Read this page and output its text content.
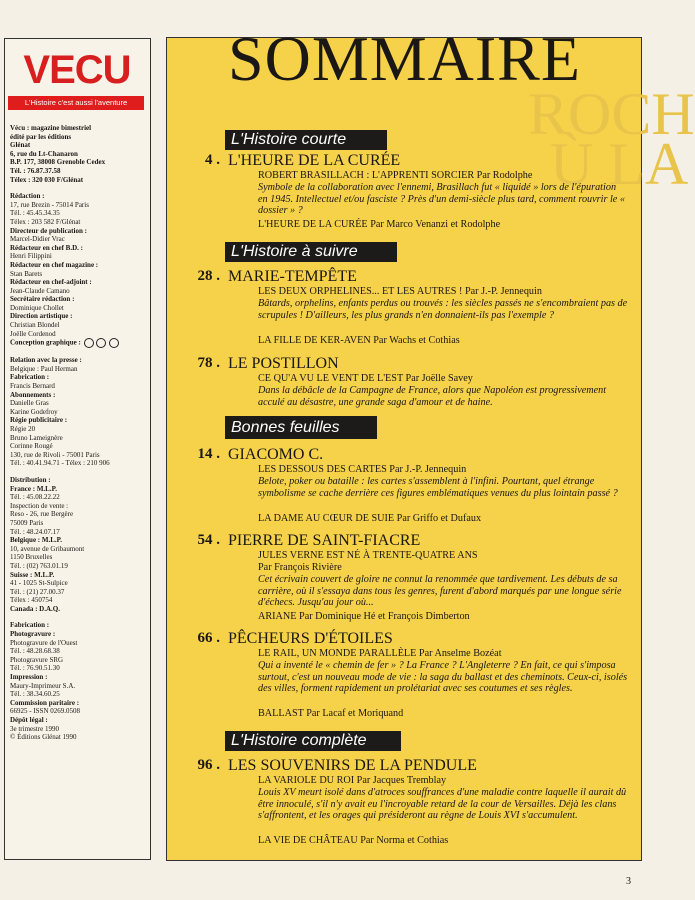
VECU
L'Histoire c'est aussi l'aventure
Vécu : magazine bimestriel
édité par les éditions
Glénat
6, rue du Lt-Chanaron
B.P. 177, 38008 Grenoble Cedex
Tél. : 76.87.37.58
Télex : 320 030 F/Glénat
Rédaction :
17, rue Brezin - 75014 Paris
Tél. : 45.45.34.35
Télex : 203 582 F/Glénat
Directeur de publication :
Marcel-Didier Vrac
Rédacteur en chef B.D. :
Henri Filippini
Rédacteur en chef magazine :
Stan Barets
Rédacteur en chef-adjoint :
Jean-Claude Camano
Secrétaire rédaction :
Dominique Chollet
Direction artistique :
Christian Blondel
Joëlle Cordenod
Conception graphique :
Relation avec la presse :
Belgique : Paul Herman
Fabrication :
Francis Bernard
Abonnements :
Danielle Gras
Karine Godefroy
Régie publicitaire :
Régie 20
Bruno Lameignère
Corinne Rougé
130, rue de Rivoli - 75001 Paris
Tél. : 40.41.94.71 - Télex : 210 906
Distribution :
France : M.L.P.
Tél. : 45.08.22.22
Inspection de vente :
Reso - 26, rue Bergère
75009 Paris
Tél. : 48.24.07.17
Belgique : M.L.P.
10, avenue de Gribaumont
1150 Bruxelles
Tél. : (02) 763.01.19
Suisse : M.L.P.
41 - 1025 St-Sulpice
Tél. : (21) 27.00.37
Télex : 450754
Canada : D.A.Q.
Fabrication :
Photogravure :
Photogravure de l'Ouest
Tél. : 48.28.68.38
Photogravure SRG
Tél. : 76.90.51.30
Impression :
Maury-Imprimeur S.A.
Tél. : 38.34.60.25
Commission paritaire :
66925 - ISSN 0269.0508
Dépôt légal :
3e trimestre 1990
© Éditions Glénat 1990
ROCH
Ù LA
SOMMAIRE
L'Histoire courte
L'Histoire à suivre
Bonnes feuilles
L'Histoire complète
4 . L'HEURE DE LA CURÉE
ROBERT BRASILLACH : L'APPRENTI SORCIER Par Rodolphe
Symbole de la collaboration avec l'ennemi, Brasillach fut « liquidé » lors de l'épuration en 1945. Intellectuel et/ou fasciste ? Près d'un demi-siècle plus tard, comment rouvrir le « dossier » ?
L'HEURE DE LA CURÉE Par Marco Venanzi et Rodolphe
28 . MARIE-TEMPÊTE
LES DEUX ORPHELINES... ET LES AUTRES ! Par J.-P. Jennequin
Bâtards, orphelins, enfants perdus ou trouvés : les siècles passés ne s'encombraient pas de scrupules ! D'ailleurs, les plus grands n'en donnaient-ils pas l'exemple ?
LA FILLE DE KER-AVEN Par Wachs et Cothias
78 . LE POSTILLON
CE QU'A VU LE VENT DE L'EST Par Joëlle Savey
Dans la débâcle de la Campagne de France, alors que Napoléon est progressivement acculé au désastre, une grande saga d'amour et de haine.
14 . GIACOMO C.
LES DESSOUS DES CARTES Par J.-P. Jennequin
Belote, poker ou bataille : les cartes s'assemblent à l'infini. Pourtant, quel étrange symbolisme se cache derrière ces figures emblématiques venues du plus lointain passé ?
LA DAME AU CŒUR DE SUIE Par Griffo et Dufaux
54 . PIERRE DE SAINT-FIACRE
JULES VERNE EST NÉ À TRENTE-QUATRE ANS
Par François Rivière
Cet écrivain couvert de gloire ne connut la renommée que tardivement. Les débuts de sa carrière, où il s'essaya dans tous les genres, furent d'abord marqués par une longue série d'échecs. Jusqu'au jour où...
ARIANE Par Dominique Hé et François Dimberton
66 . PÊCHEURS D'ÉTOILES
LE RAIL, UN MONDE PARALLÈLE Par Anselme Bozéat
Qui a inventé le « chemin de fer » ? La France ? L'Angleterre ? En fait, ce qui s'imposa surtout, c'est un nouveau mode de vie : la saga du ballast et des cheminots. Ceux-ci, isolés des villes, forment rapidement un prolétariat avec ses coutumes et ses règles.
BALLAST Par Lacaf et Moriquand
96 . LES SOUVENIRS DE LA PENDULE
LA VARIOLE DU ROI Par Jacques Tremblay
Louis XV meurt isolé dans d'atroces souffrances d'une maladie contre laquelle il aurait dû être innoculé, s'il n'y avait eu l'incroyable retard de la cour de Versailles. Déjà les clans s'affrontent, et les orages qui présideront au règne de Louis XVI s'accumulent.
LA VIE DE CHÂTEAU Par Norma et Cothias
3
